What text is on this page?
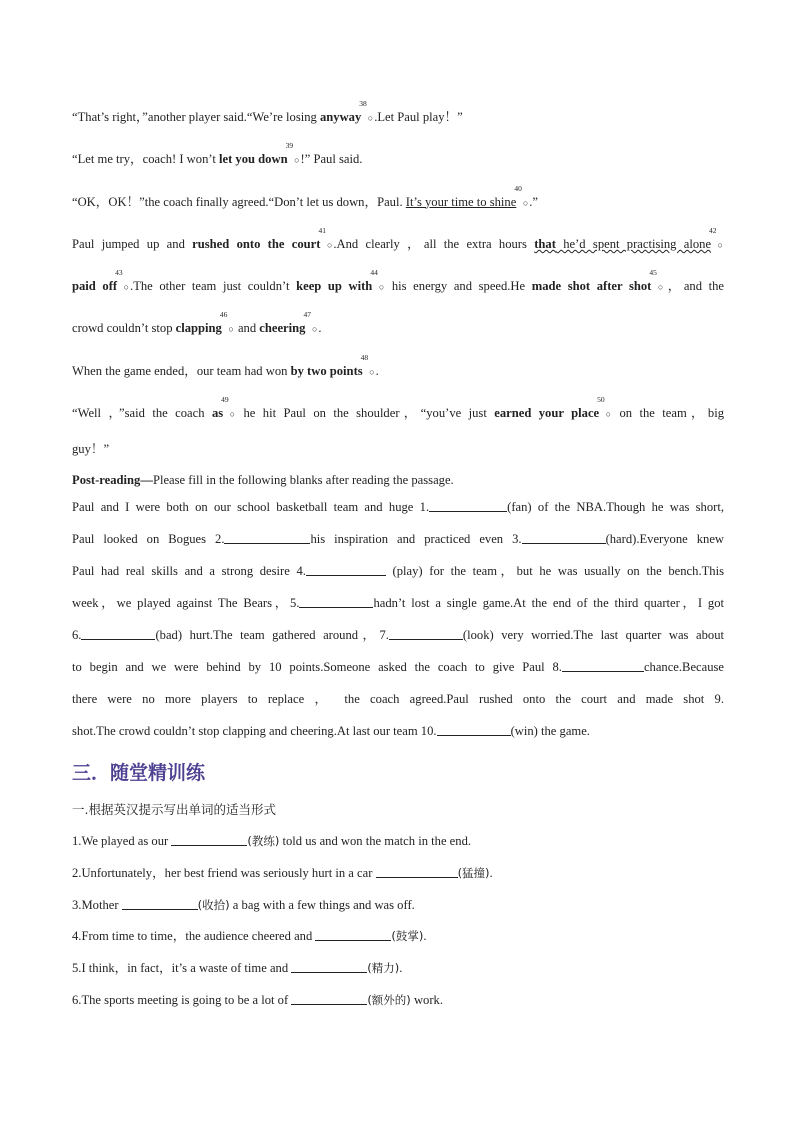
“That’s right，”another player said.“We’re losing anyway$^{38}$○.Let Paul play！”

“Let me try，coach! I won’t let you down$^{39}$○!” Paul said.

“OK，OK！”the coach finally agreed.“Don’t let us down，Paul. It’s your time to shine$^{40}$○.”

Paul jumped up and rushed onto the court$^{41}$○.And clearly ，all the extra hours that he’d spent practising alone$^{42}$○

paid off$^{43}$○.The other team just couldn’t keep up with$^{44}$○ his energy and speed.He made shot after shot$^{45}$○，and the

crowd couldn’t stop clapping$^{46}$○ and cheering$^{47}$○.

When the game ended，our team had won by two points$^{48}$○.

“Well ，”said the coach $as^{49}○$ he hit Paul on the shoulder，“you’ve just earned your place$^{50}$○ on the team，big

guy！”

Post-reading—Please fill in the following blanks after reading the passage.

Paul and I were both on our school basketball team and huge 1.	(fan) of the NBA.Though he was short,

Paul looked on Bogues 2.	his inspiration and practiced even 3.	(hard).Everyone knew

Paul had real skills and a strong desire 4.	(play) for the team，but he was usually on the bench.This

week，we played against The Bears，5.	hadn’t lost a single game.At the end of the third quarter，I got

6.	(bad) hurt.The team gathered around，7.	(look) very worried.The last quarter was about

to begin and we were behind by 10 points.Someone asked the coach to give Paul 8.	chance.Because

there were no more players to replace ， the coach agreed.Paul rushed onto the court and made shot 9.

shot.The crowd couldn’t stop clapping and cheering.At last our team 10.	(win) the game.

三．随堂精训练
一.根据英汉提示写出单词的适当形式

1.We played as our	(教练) told us and won the match in the end.

2.Unfortunately，her best friend was seriously hurt in a car	(猛撞).

3.Mother	(收拾) a bag with a few things and was off.

4.From time to time，the audience cheered and	(鼓掌).

5.I think，in fact，it’s a waste of time and	(精力).

6.The sports meeting is going to be a lot of	(额外的) work.
